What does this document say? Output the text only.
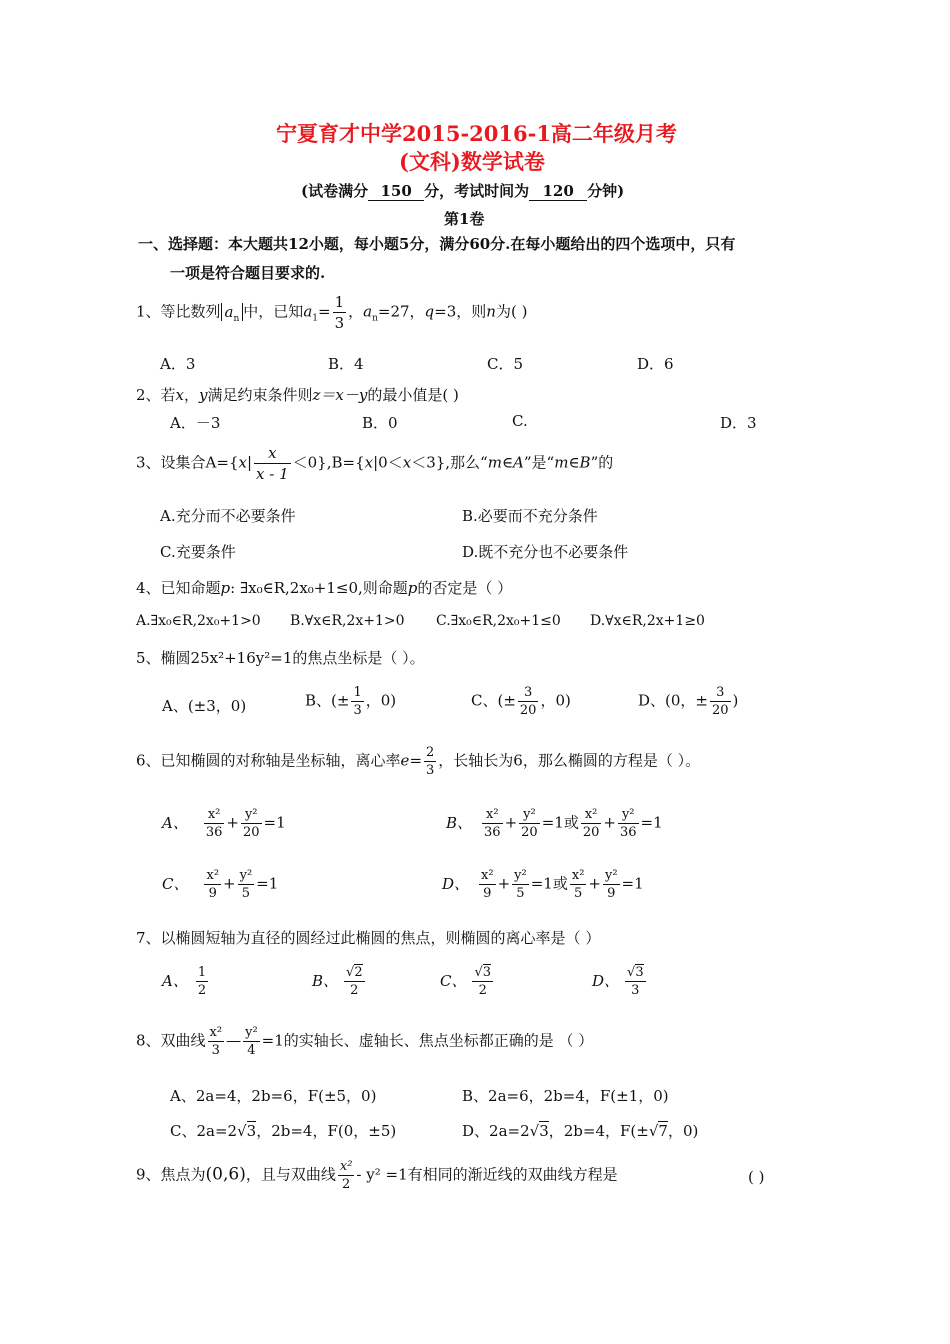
宁夏育才中学2015-2016-1高二年级月考
(文科)数学试卷
(试卷满分 150 分，考试时间为 120 分钟)
第1卷
一、选择题：本大题共12小题，每小题5分，满分60分.在每小题给出的四个选项中，只有
一项是符合题目要求的.
1、等比数列 $a_n$ 中，已知$a_1= \frac{1}{3}$ ，$a_n=27$，q=3，则n为( )
A．3	B．4	C．5	D．6
2、若x，y满足约束条件则z＝x－y的最小值是( )
A．－3	B．0	C.	D．3
3、设集合$A=\{x| \frac{x}{x - 1} <0\},B=\{x|0<x<3\}$,那么“m∈A”是“m∈B”的
A.充分而不必要条件	B.必要而不充分条件
C.充要条件	D.既不充分也不必要条件
4、已知命题p: ∃x₀∈R,2x₀+1≤0,则命题p的否定是（ ）
A.∃x₀∈R,2x₀+1>0 B.∀x∈R,2x+1>0 C.∃x₀∈R,2x₀+1≤0 D.∀x∈R,2x+1≥0
5、椭圆25x²+16y²=1的焦点坐标是（ ）。
A、(±3，0)	B、(± $\frac{1}{3}$ ，0)	C、(± $\frac{3}{20}$ ，0)	D、(0，± $\frac{3}{20}$ )
6、已知椭圆的对称轴是坐标轴，离心率$e= \frac{2}{3}$ ，长轴长为6，那么椭圆的方程是（ ）。
A、 $\frac{\text{x²}}{36} + \frac{\text{y²}}{20} =1$	B、 $\frac{\text{x²}}{36} + \frac{\text{y²}}{20} =1$或 $\frac{\text{x²}}{20} + \frac{\text{y²}}{36} =1$
C、 $\frac{\text{x²}}{9} + \frac{\text{y²}}{5} =1$	D、 $\frac{\text{x²}}{9} + \frac{\text{y²}}{5} =1$或 $\frac{\text{x²}}{5} + \frac{\text{y²}}{9} =1$
7、以椭圆短轴为直径的圆经过此椭圆的焦点，则椭圆的离心率是（ ）
A、 $\frac{1}{2}$	B、 $\frac{√2}{2}$	C、 $\frac{√3}{2}$	D、 $\frac{√3}{3}$
8、双曲线 $\frac{\text{x²}}{3}$ — $\frac{\text{y²}}{4} =1$的实轴长、虚轴长、焦点坐标都正确的是 （ ）
A、2a=4，2b=6，F(±5，0)	B、2a=6，2b=4，F(±1，0)
C、2a=2√3，2b=4，F(0，±5)	D、2a=2√3，2b=4，F(±√7，0)
9、焦点为(0,6)，且与双曲线 $\frac{\text{x²}}{2} - y^2 =1$有相同的渐近线的双曲线方程是	( )
